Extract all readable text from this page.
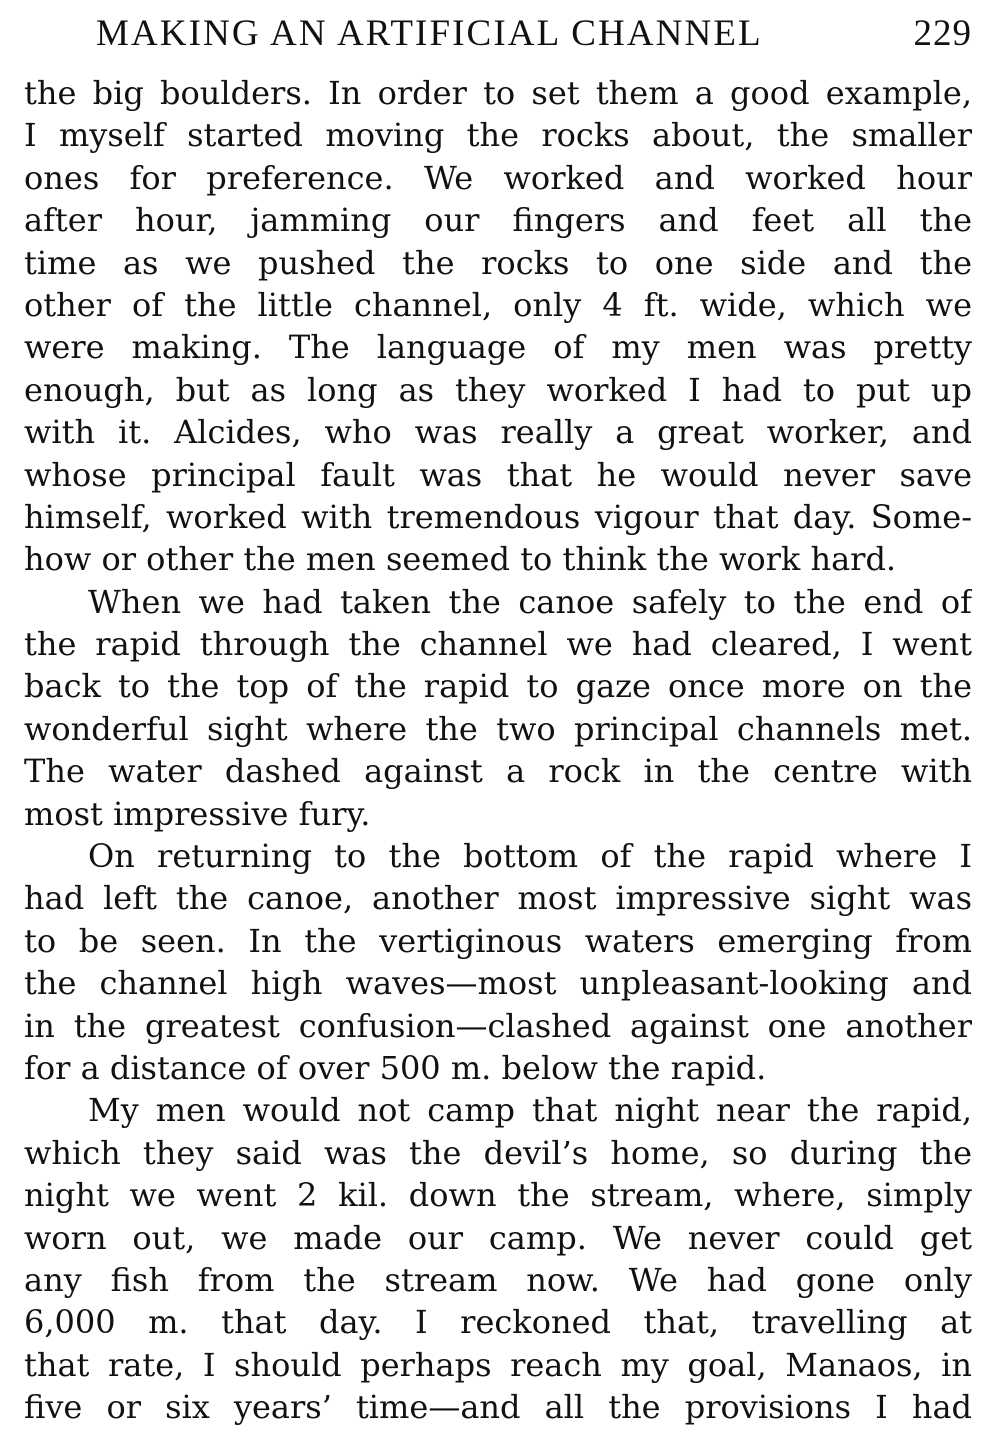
MAKING AN ARTIFICIAL CHANNEL	229
the big boulders. In order to set them a good example,
I myself started moving the rocks about, the smaller
ones for preference. We worked and worked hour
after hour, jamming our fingers and feet all the
time as we pushed the rocks to one side and the
other of the little channel, only 4 ft. wide, which we
were making. The language of my men was pretty
enough, but as long as they worked I had to put up
with it. Alcides, who was really a great worker, and
whose principal fault was that he would never save
himself, worked with tremendous vigour that day. Some-
how or other the men seemed to think the work hard.
When we had taken the canoe safely to the end of
the rapid through the channel we had cleared, I went
back to the top of the rapid to gaze once more on the
wonderful sight where the two principal channels met.
The water dashed against a rock in the centre with
most impressive fury.
On returning to the bottom of the rapid where I
had left the canoe, another most impressive sight was
to be seen. In the vertiginous waters emerging from
the channel high waves—most unpleasant-looking and
in the greatest confusion—clashed against one another
for a distance of over 500 m. below the rapid.
My men would not camp that night near the rapid,
which they said was the devil’s home, so during the
night we went 2 kil. down the stream, where, simply
worn out, we made our camp. We never could get
any fish from the stream now. We had gone only
6,000 m. that day. I reckoned that, travelling at
that rate, I should perhaps reach my goal, Manaos, in
five or six years’ time—and all the provisions I had
